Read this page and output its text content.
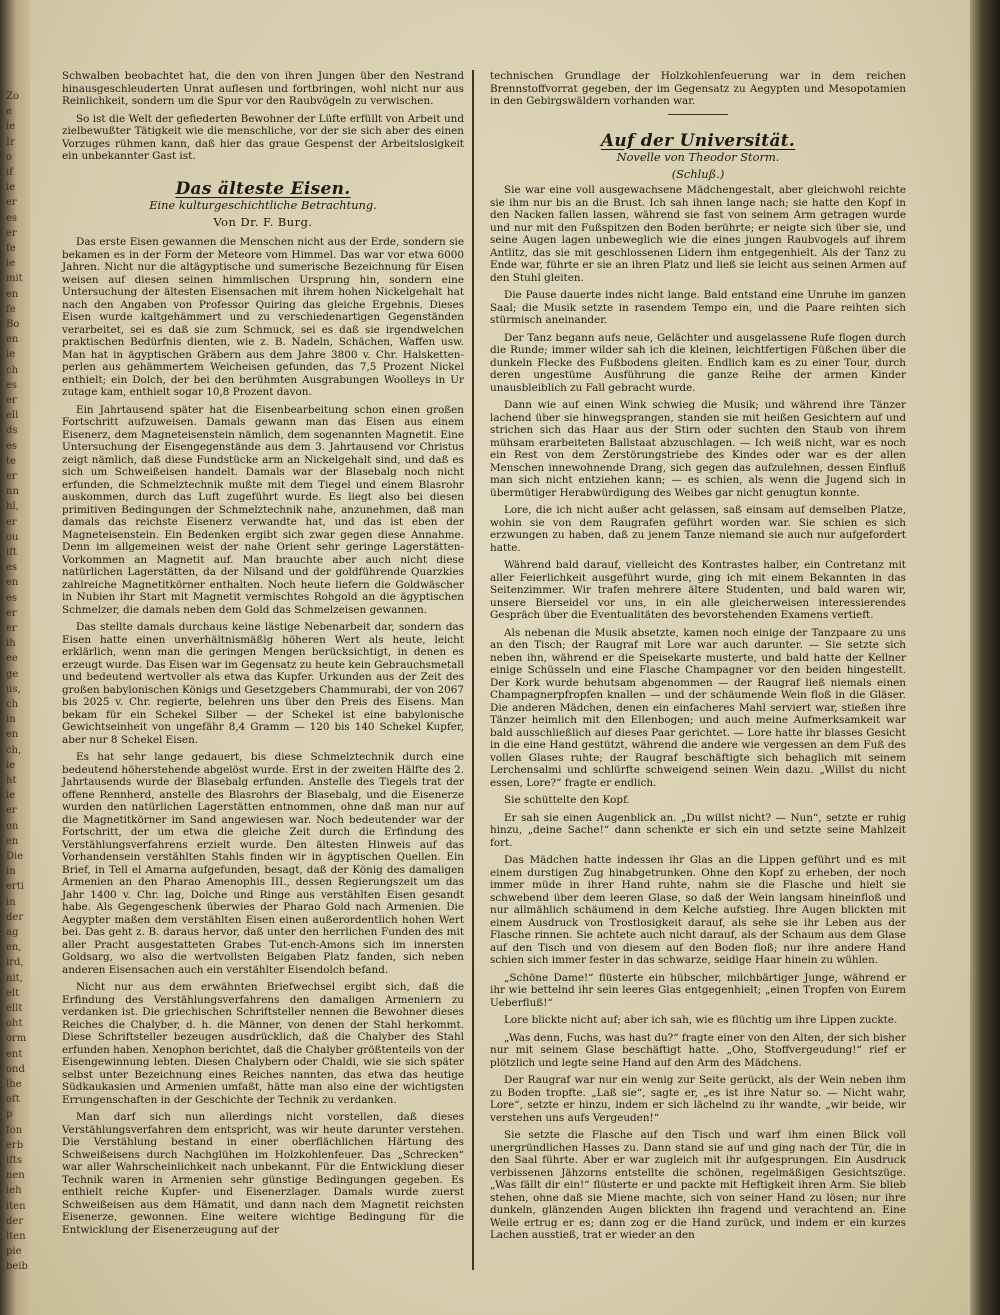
Zo
e
ie
Ir
o
if
ie
er
es
er
fe
ie
mit
en
fe
Bo
en
ie
ch
es
er
ell
ds
es
te
er
nn
hl,
er
ou
ift
es
en
es
er
er
ih
ee
ge
us,
ch
in
en
ch,
ie
ht
ie
er
on
en
Die
in
erti
in
der
ag
en,
ird,
nit,
elt
ellt
oht
orm
ent
ond
lhe
oft
p
fon
erb
ifts
nen
ieh
iten
der
lten
pie
beib

Schwalben beobachtet hat, die den von ihren Jungen über den Nestrand hinausgeschleuderten Unrat auflesen und fortbringen, wohl nicht nur aus Reinlichkeit, sondern um die Spur vor den Raubvögeln zu verwischen.

So ist die Welt der gefiederten Bewohner der Lüfte erfüllt von Arbeit und zielbewußter Tätigkeit wie die menschliche, vor der sie sich aber des einen Vorzuges rühmen kann, daß hier das graue Gespenst der Arbeitslosigkeit ein unbekannter Gast ist.

Das älteste Eisen.
Eine kulturgeschichtliche Betrachtung.
Von Dr. F. Burg.

Das erste Eisen gewannen die Menschen nicht aus der Erde, sondern sie bekamen es in der Form der Meteore vom Himmel. Das war vor etwa 6000 Jahren. Nicht nur die altägyptische und sumerische Bezeichnung für Eisen weisen auf diesen seinen himmlischen Ursprung hin, sondern eine Untersuchung der ältesten Eisensachen mit ihrem hohen Nickelgehalt hat nach den Angaben von Professor Quiring das gleiche Ergebnis. Dieses Eisen wurde kaltgehämmert und zu verschiedenartigen Gegenständen verarbeitet, sei es daß sie zum Schmuck, sei es daß sie irgendwelchen praktischen Bedürfnis dienten, wie z. B. Nadeln, Schächen, Waffen usw. Man hat in ägyptischen Gräbern aus dem Jahre 3800 v. Chr. Halsketten-perlen aus gehämmertem Weicheisen gefunden, das 7,5 Prozent Nickel enthielt; ein Dolch, der bei den berühmten Ausgrabungen Woolleys in Ur zutage kam, enthielt sogar 10,8 Prozent davon.

Ein Jahrtausend später hat die Eisenbearbeitung schon einen großen Fortschritt aufzuweisen. Damals gewann man das Eisen aus einem Eisenerz, dem Magneteisenstein nämlich, dem sogenannten Magnetit. Eine Untersuchung der Eisengegenstände aus dem 3. Jahrtausend vor Christus zeigt nämlich, daß diese Fundstücke arm an Nickelgehalt sind, und daß es sich um Schweißeisen handelt. Damals war der Blasebalg noch nicht erfunden, die Schmelztechnik mußte mit dem Tiegel und einem Blasrohr auskommen, durch das Luft zugeführt wurde. Es liegt also bei diesen primitiven Bedingungen der Schmelztechnik nahe, anzunehmen, daß man damals das reichste Eisenerz verwandte hat, und das ist eben der Magneteisenstein. Ein Bedenken ergibt sich zwar gegen diese Annahme. Denn im allgemeinen weist der nahe Orient sehr geringe Lagerstätten-Vorkommen an Magnetit auf. Man brauchte aber auch nicht diese natürlichen Lagerstätten, da der Nilsand und der goldführende Quarzkies zahlreiche Magnetitkörner enthalten. Noch heute liefern die Goldwäscher in Nubien ihr Start mit Magnetit vermischtes Rohgold an die ägyptischen Schmelzer, die damals neben dem Gold das Schmelzeisen gewannen.

Das stellte damals durchaus keine lästige Nebenarbeit dar, sondern das Eisen hatte einen unverhältnismäßig höheren Wert als heute, leicht erklärlich, wenn man die geringen Mengen berücksichtigt, in denen es erzeugt wurde. Das Eisen war im Gegensatz zu heute kein Gebrauchsmetall und bedeutend wertvoller als etwa das Kupfer. Urkunden aus der Zeit des großen babylonischen Königs und Gesetzgebers Chammurabi, der von 2067 bis 2025 v. Chr. regierte, belehren uns über den Preis des Eisens. Man bekam für ein Schekel Silber — der Schekel ist eine babylonische Gewichtseinheit von ungefähr 8,4 Gramm — 120 bis 140 Schekel Kupfer, aber nur 8 Schekel Eisen.

Es hat sehr lange gedauert, bis diese Schmelztechnik durch eine bedeutend höherstehende abgelöst wurde. Erst in der zweiten Hälfte des 2. Jahrtausends wurde der Blasebalg erfunden. Anstelle des Tiegels trat der offene Rennherd, anstelle des Blasrohrs der Blasebalg, und die Eisenerze wurden den natürlichen Lagerstätten entnommen, ohne daß man nur auf die Magnetitkörner im Sand angewiesen war. Noch bedeutender war der Fortschritt, der um etwa die gleiche Zeit durch die Erfindung des Verstählungsverfahrens erzielt wurde. Den ältesten Hinweis auf das Vorhandensein verstählten Stahls finden wir in ägyptischen Quellen. Ein Brief, in Tell el Amarna aufgefunden, besagt, daß der König des damaligen Armenien an den Pharao Amenophis III., dessen Regierungszeit um das Jahr 1400 v. Chr. lag, Dolche und Ringe aus verstählten Eisen gesandt habe. Als Gegengeschenk überwies der Pharao Gold nach Armenien. Die Aegypter maßen dem verstählten Eisen einen außerordentlich hohen Wert bei. Das geht z. B. daraus hervor, daß unter den herrlichen Funden des mit aller Pracht ausgestatteten Grabes Tut-ench-Amons sich im innersten Goldsarg, wo also die wertvollsten Beigaben Platz fanden, sich neben anderen Eisensachen auch ein verstählter Eisendolch befand.

Nicht nur aus dem erwähnten Briefwechsel ergibt sich, daß die Erfindung des Verstählungsverfahrens den damaligen Armeniern zu verdanken ist. Die griechischen Schriftsteller nennen die Bewohner dieses Reiches die Chalyber, d. h. die Männer, von denen der Stahl herkommt. Diese Schriftsteller bezeugen ausdrücklich, daß die Chalyber des Stahl erfunden haben. Xenophon berichtet, daß die Chalyber größtenteils von der Eisengewinnung lebten. Diesen Chalybern oder Chaldi, wie sie sich später selbst unter Bezeichnung eines Reiches nannten, das etwa das heutige Südkaukasien und Armenien umfaßt, hätte man also eine der wichtigsten Errungenschaften in der Geschichte der Technik zu verdanken.

Man darf sich nun allerdings nicht vorstellen, daß dieses Verstählungsverfahren dem entspricht, was wir heute darunter verstehen. Die Verstählung bestand in einer oberflächlichen Härtung des Schweißeisens durch Nachglühen im Holzkohlenfeuer. Das „Schrecken“ war aller Wahrscheinlichkeit nach unbekannt. Für die Entwicklung dieser Technik waren in Armenien sehr günstige Bedingungen gegeben. Es enthielt reiche Kupfer- und Eisenerzlager. Damals wurde zuerst Schweißeisen aus dem Hämatit, und dann nach dem Magnetit reichsten Eisenerze, gewonnen. Eine weitere wichtige Bedingung für die Entwicklung der Eisenerzeugung auf der

technischen Grundlage der Holzkohlenfeuerung war in dem reichen Brennstoffvorrat gegeben, der im Gegensatz zu Aegypten und Mesopotamien in den Gebirgswäldern vorhanden war.

Auf der Universität.
Novelle von Theodor Storm.
(Schluß.)

Sie war eine voll ausgewachsene Mädchengestalt, aber gleichwohl reichte sie ihm nur bis an die Brust. Ich sah ihnen lange nach; sie hatte den Kopf in den Nacken fallen lassen, während sie fast von seinem Arm getragen wurde und nur mit den Fußspitzen den Boden berührte; er neigte sich über sie, und seine Augen lagen unbeweglich wie die eines jungen Raubvogels auf ihrem Antlitz, das sie mit geschlossenen Lidern ihm entgegenhielt. Als der Tanz zu Ende war, führte er sie an ihren Platz und ließ sie leicht aus seinen Armen auf den Stuhl gleiten.

Die Pause dauerte indes nicht lange. Bald entstand eine Unruhe im ganzen Saal; die Musik setzte in rasendem Tempo ein, und die Paare reihten sich stürmisch aneinander.

Der Tanz begann aufs neue, Gelächter und ausgelassene Rufe flogen durch die Runde; immer wilder sah ich die kleinen, leichtfertigen Füßchen über die dunkeln Flecke des Fußbodens gleiten. Endlich kam es zu einer Tour, durch deren ungestüme Ausführung die ganze Reihe der armen Kinder unausbleiblich zu Fall gebracht wurde.

Dann wie auf einen Wink schwieg die Musik; und während ihre Tänzer lachend über sie hinwegsprangen, standen sie mit heißen Gesichtern auf und strichen sich das Haar aus der Stirn oder suchten den Staub von ihrem mühsam erarbeiteten Ballstaat abzuschlagen. — Ich weiß nicht, war es noch ein Rest von dem Zerstörungstriebe des Kindes oder war es der allen Menschen innewohnende Drang, sich gegen das aufzulehnen, dessen Einfluß man sich nicht entziehen kann; — es schien, als wenn die Jugend sich in übermütiger Herabwürdigung des Weibes gar nicht genugtun konnte.

Lore, die ich nicht außer acht gelassen, saß einsam auf demselben Platze, wohin sie von dem Raugrafen geführt worden war. Sie schien es sich erzwungen zu haben, daß zu jenem Tanze niemand sie auch nur aufgefordert hatte.

Während bald darauf, vielleicht des Kontrastes halber, ein Contretanz mit aller Feierlichkeit ausgeführt wurde, ging ich mit einem Bekannten in das Seitenzimmer. Wir trafen mehrere ältere Studenten, und bald waren wir, unsere Bierseidel vor uns, in ein alle gleicherweisen interessierendes Gespräch über die Eventualitäten des bevorstehenden Examens vertieft.

Als nebenan die Musik absetzte, kamen noch einige der Tanzpaare zu uns an den Tisch; der Raugraf mit Lore war auch darunter. — Sie setzte sich neben ihn, während er die Speisekarte musterte, und bald hatte der Kellner einige Schüsseln und eine Flasche Champagner vor den beiden hingestellt. Der Kork wurde behutsam abgenommen — der Raugraf ließ niemals einen Champagnerpfropfen knallen — und der schäumende Wein floß in die Gläser. Die anderen Mädchen, denen ein einfacheres Mahl serviert war, stießen ihre Tänzer heimlich mit den Ellenbogen; und auch meine Aufmerksamkeit war bald ausschließlich auf dieses Paar gerichtet. — Lore hatte ihr blasses Gesicht in die eine Hand gestützt, während die andere wie vergessen an dem Fuß des vollen Glases ruhte; der Raugraf beschäftigte sich behaglich mit seinem Lerchensalmi und schlürfte schweigend seinen Wein dazu. „Willst du nicht essen, Lore?“ fragte er endlich.

Sie schüttelte den Kopf.

Er sah sie einen Augenblick an. „Du willst nicht? — Nun“, setzte er ruhig hinzu, „deine Sache!“ dann schenkte er sich ein und setzte seine Mahlzeit fort.

Das Mädchen hatte indessen ihr Glas an die Lippen geführt und es mit einem durstigen Zug hinabgetrunken. Ohne den Kopf zu erheben, der noch immer müde in ihrer Hand ruhte, nahm sie die Flasche und hielt sie schwebend über dem leeren Glase, so daß der Wein langsam hineinfloß und nur allmählich schäumend in dem Kelche aufstieg. Ihre Augen blickten mit einem Ausdruck von Trostlosigkeit darauf, als sehe sie ihr Leben aus der Flasche rinnen. Sie achtete auch nicht darauf, als der Schaum aus dem Glase auf den Tisch und von diesem auf den Boden floß; nur ihre andere Hand schien sich immer fester in das schwarze, seidige Haar hinein zu wühlen.

„Schöne Dame!“ flüsterte ein hübscher, milchbärtiger Junge, während er ihr wie bettelnd ihr sein leeres Glas entgegenhielt; „einen Tropfen von Eurem Ueberfluß!“

Lore blickte nicht auf; aber ich sah, wie es flüchtig um ihre Lippen zuckte.

„Was denn, Fuchs, was hast du?“ fragte einer von den Alten, der sich bisher nur mit seinem Glase beschäftigt hatte. „Oho, Stoffvergeudung!“ rief er plötzlich und legte seine Hand auf den Arm des Mädchens.

Der Raugraf war nur ein wenig zur Seite gerückt, als der Wein neben ihm zu Boden tropfte. „Laß sie“, sagte er, „es ist ihre Natur so. — Nicht wahr, Lore“, setzte er hinzu, indem er sich lächelnd zu ihr wandte, „wir beide, wir verstehen uns aufs Vergeuden!“

Sie setzte die Flasche auf den Tisch und warf ihm einen Blick voll unergründlichen Hasses zu. Dann stand sie auf und ging nach der Tür, die in den Saal führte. Aber er war zugleich mit ihr aufgesprungen. Ein Ausdruck verbissenen Jähzorns entstellte die schönen, regelmäßigen Gesichtszüge. „Was fällt dir ein!“ flüsterte er und packte mit Heftigkeit ihren Arm. Sie blieb stehen, ohne daß sie Miene machte, sich von seiner Hand zu lösen; nur ihre dunkeln, glänzenden Augen blickten ihn fragend und verachtend an. Eine Weile ertrug er es; dann zog er die Hand zurück, und indem er ein kurzes Lachen ausstieß, trat er wieder an den
